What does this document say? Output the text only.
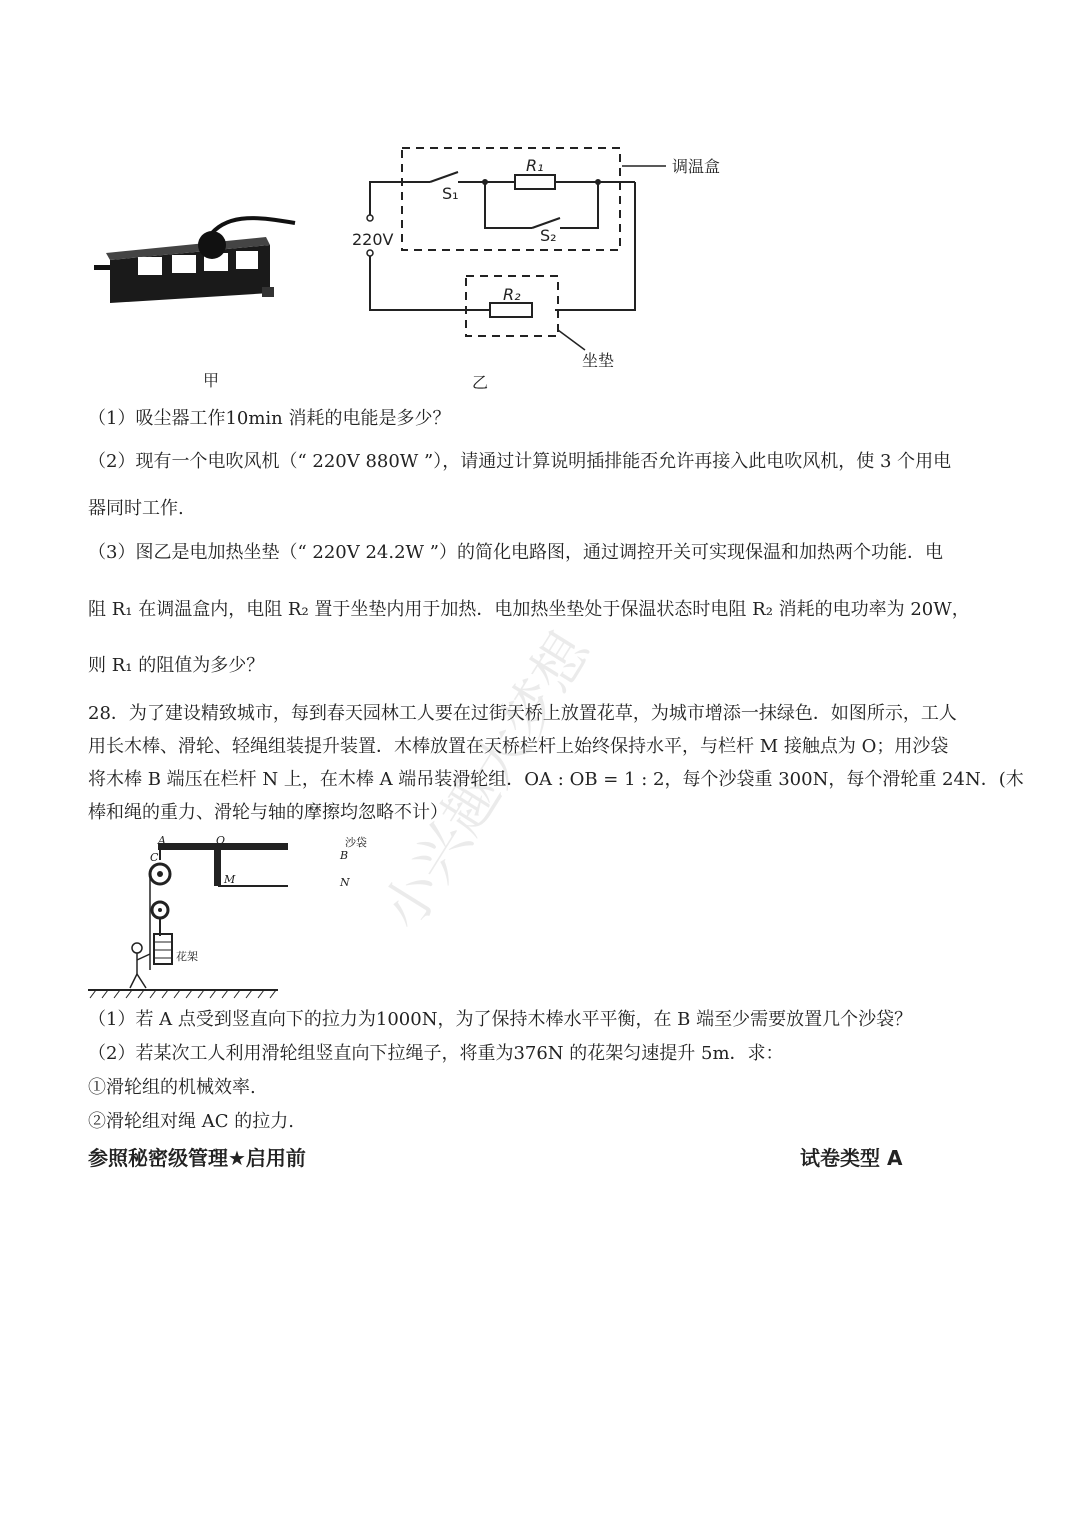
甲
调温盒
坐垫
220V
R₁
R₂
S₁
S₂
乙
（1）吸尘器工作10min 消耗的电能是多少？
（2）现有一个电吹风机（“ 220V 880W ”），请通过计算说明插排能否允许再接入此电吹风机，使 3 个用电
器同时工作.
（3）图乙是电加热坐垫（“ 220V 24.2W ”）的简化电路图，通过调控开关可实现保温和加热两个功能．电
阻 R₁ 在调温盒内，电阻 R₂ 置于坐垫内用于加热．电加热坐垫处于保温状态时电阻 R₂ 消耗的电功率为 20W，
则 R₁ 的阻值为多少？
28．为了建设精致城市，每到春天园林工人要在过街天桥上放置花草，为城市增添一抹绿色．如图所示，工人
用长木棒、滑轮、轻绳组装提升装置．木棒放置在天桥栏杆上始终保持水平，与栏杆 M 接触点为 O；用沙袋
将木棒 B 端压在栏杆 N 上，在木棒 A 端吊装滑轮组．OA : OB = 1 : 2，每个沙袋重 300N，每个滑轮重 24N．(木
棒和绳的重力、滑轮与轴的摩擦均忽略不计）
A	O
B
C
M	N
沙袋
花架
（1）若 A 点受到竖直向下的拉力为1000N，为了保持木棒水平平衡，在 B 端至少需要放置几个沙袋？
（2）若某次工人利用滑轮组竖直向下拉绳子，将重为376N 的花架匀速提升 5m．求：
①滑轮组的机械效率.
②滑轮组对绳 AC 的拉力.
参照秘密级管理★启用前	试卷类型 A
小兴趣大梦想
